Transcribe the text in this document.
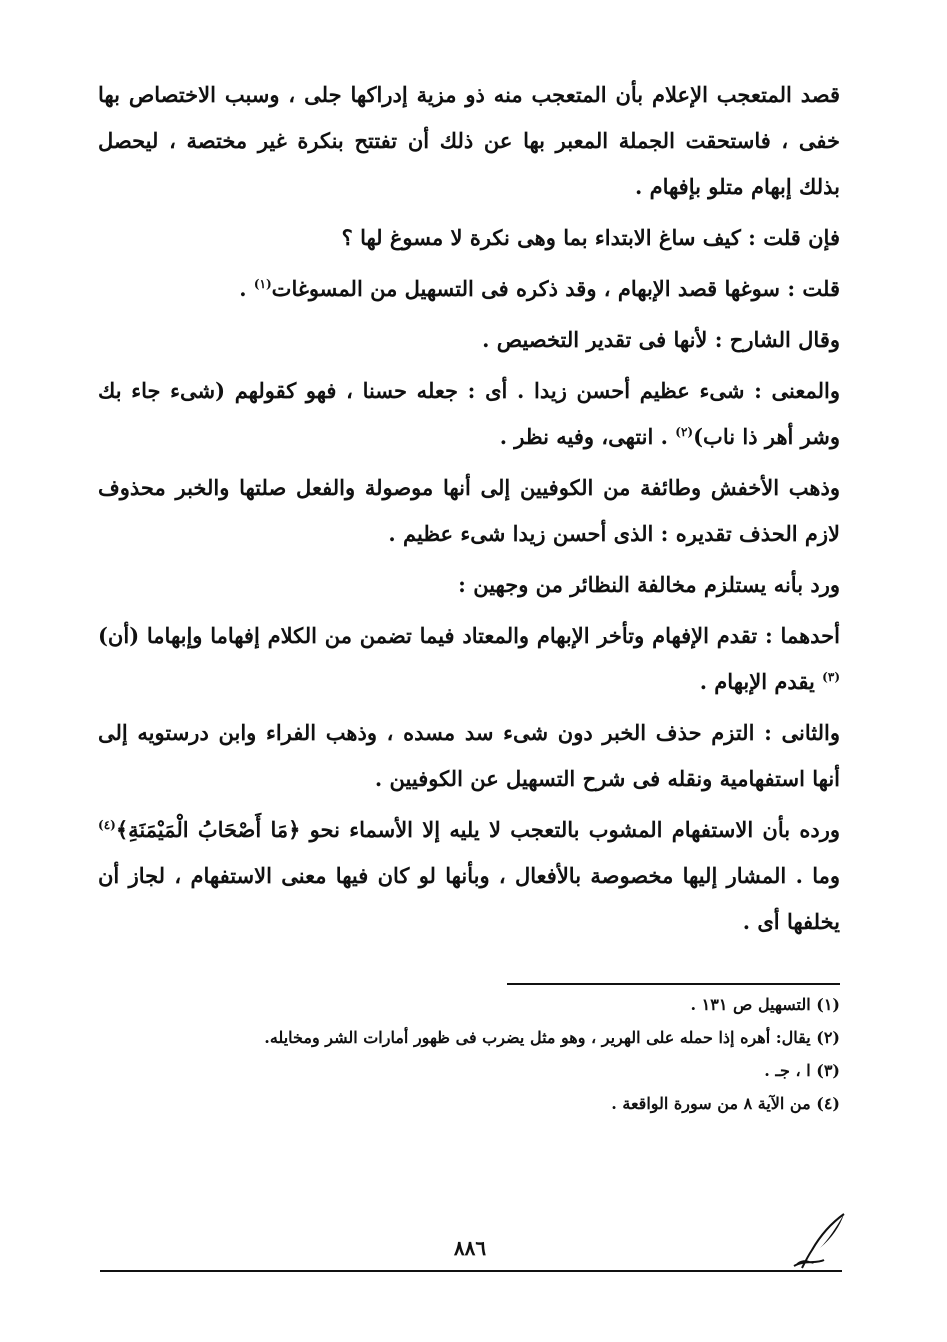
قصد المتعجب الإعلام بأن المتعجب منه ذو مزية إدراكها جلى ، وسبب الاختصاص بها خفى ، فاستحقت الجملة المعبر بها عن ذلك أن تفتتح بنكرة غير مختصة ، ليحصل بذلك إبهام متلو بإفهام .

فإن قلت : كيف ساغ الابتداء بما وهى نكرة لا مسوغ لها ؟

قلت : سوغها قصد الإبهام ، وقد ذكره فى التسهيل من المسوغات$^{(١)}$ .

وقال الشارح : لأنها فى تقدير التخصيص .

والمعنى : شىء عظيم أحسن زيدا . أى : جعله حسنا ، فهو كقولهم (شىء جاء بك وشر أهر ذا ناب)$^{(٢)}$ . انتهى، وفيه نظر .

وذهب الأخفش وطائفة من الكوفيين إلى أنها موصولة والفعل صلتها والخبر محذوف لازم الحذف تقديره : الذى أحسن زيدا شىء عظيم .

ورد بأنه يستلزم مخالفة النظائر من وجهين :

أحدهما : تقدم الإفهام وتأخر الإبهام والمعتاد فيما تضمن من الكلام إفهاما وإبهاما (أن)$^{(٣)}$ يقدم الإبهام .

والثانى : التزم حذف الخبر دون شىء سد مسده ، وذهب الفراء وابن درستويه إلى أنها استفهامية ونقله فى شرح التسهيل عن الكوفيين .

ورده بأن الاستفهام المشوب بالتعجب لا يليه إلا الأسماء نحو ﴿مَا أَصْحَابُ الْمَيْمَنَةِ﴾$^{(٤)}$ وما . المشار إليها مخصوصة بالأفعال ، وبأنها لو كان فيها معنى الاستفهام ، لجاز أن يخلفها أى .

(١) التسهيل ص ١٣١ .

(٢) يقال: أهره إذا حمله على الهرير ، وهو مثل يضرب فى ظهور أمارات الشر ومخايله.

(٣) ا ، جـ .

(٤) من الآية ٨ من سورة الواقعة .

٨٨٦
